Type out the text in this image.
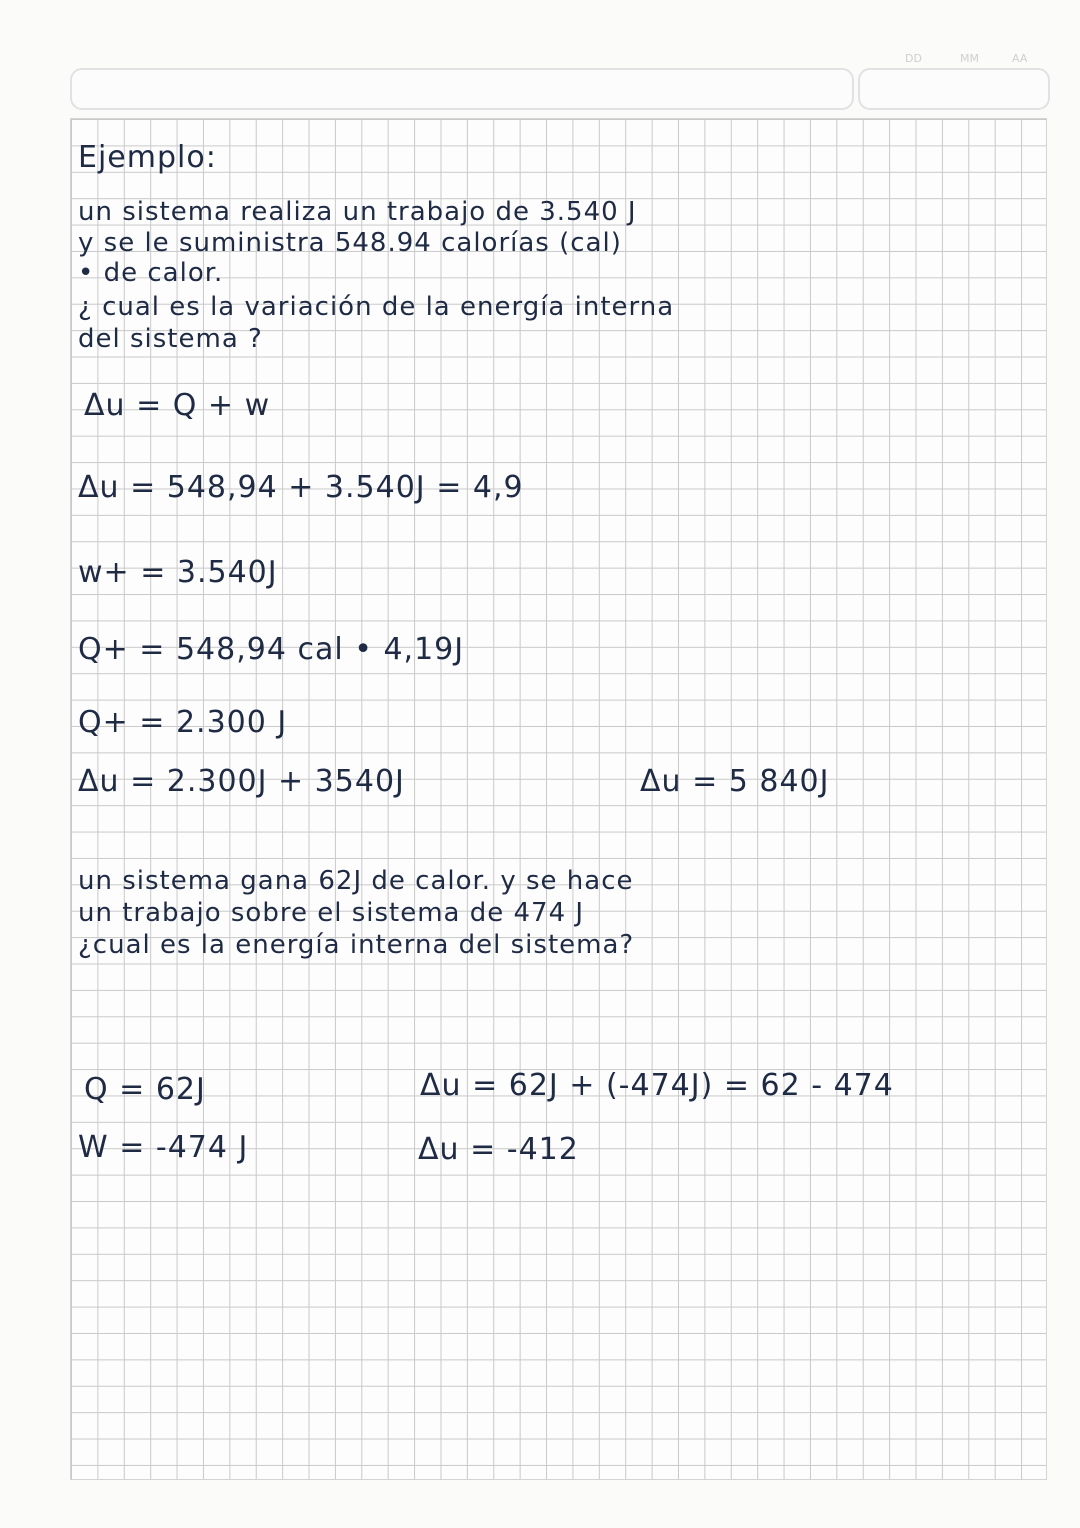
DD	MM	AA
Ejemplo:
un sistema realiza un trabajo de 3.540 J
y se le suministra 548.94 calorías (cal)
• de calor.
¿ cual es la variación de la energía interna
del sistema ?
Δu = Q + w
Δu = 548,94 + 3.540J = 4,9
w+ = 3.540J
Q+ = 548,94 cal • 4,19J
Q+ = 2.300 J
Δu = 2.300J + 3540J	Δu = 5 840J
un sistema gana 62J de calor. y se hace
un trabajo sobre el sistema de 474 J
¿cual es la energía interna del sistema?
Q = 62J
W = -474 J
Δu = 62J + (-474J) = 62 - 474
Δu = -412
